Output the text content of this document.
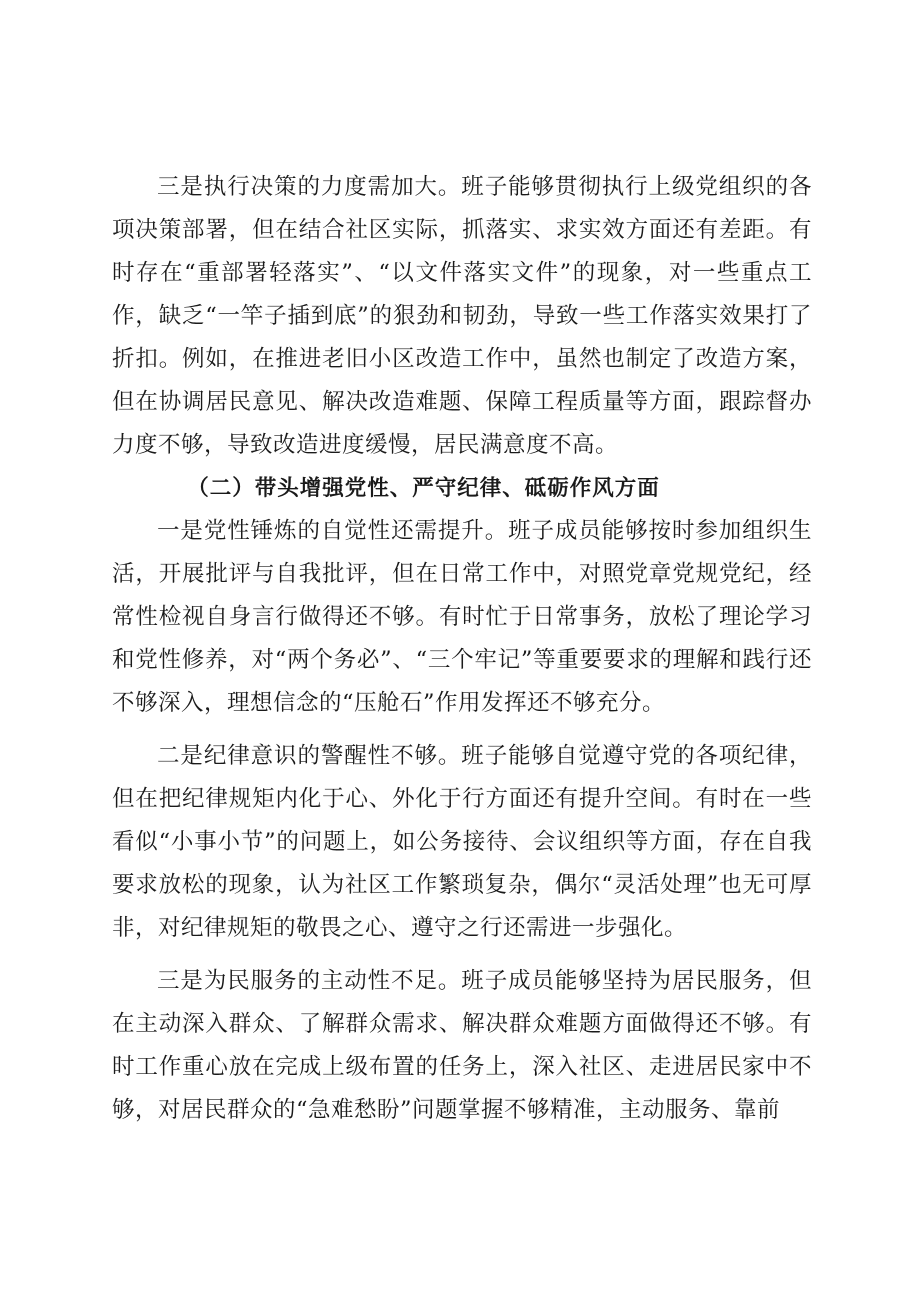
三是执行决策的力度需加大。班子能够贯彻执行上级党组织的各项决策部署，但在结合社区实际，抓落实、求实效方面还有差距。有时存在“重部署轻落实”、“以文件落实文件”的现象，对一些重点工作，缺乏“一竿子插到底”的狠劲和韧劲，导致一些工作落实效果打了折扣。例如，在推进老旧小区改造工作中，虽然也制定了改造方案，但在协调居民意见、解决改造难题、保障工程质量等方面，跟踪督办力度不够，导致改造进度缓慢，居民满意度不高。

（二）带头增强党性、严守纪律、砥砺作风方面

一是党性锤炼的自觉性还需提升。班子成员能够按时参加组织生活，开展批评与自我批评，但在日常工作中，对照党章党规党纪，经常性检视自身言行做得还不够。有时忙于日常事务，放松了理论学习和党性修养，对“两个务必”、“三个牢记”等重要要求的理解和践行还不够深入，理想信念的“压舱石”作用发挥还不够充分。

二是纪律意识的警醒性不够。班子能够自觉遵守党的各项纪律，但在把纪律规矩内化于心、外化于行方面还有提升空间。有时在一些看似“小事小节”的问题上，如公务接待、会议组织等方面，存在自我要求放松的现象，认为社区工作繁琐复杂，偶尔“灵活处理”也无可厚非，对纪律规矩的敬畏之心、遵守之行还需进一步强化。

三是为民服务的主动性不足。班子成员能够坚持为居民服务，但在主动深入群众、了解群众需求、解决群众难题方面做得还不够。有时工作重心放在完成上级布置的任务上，深入社区、走进居民家中不够，对居民群众的“急难愁盼”问题掌握不够精准，主动服务、靠前
